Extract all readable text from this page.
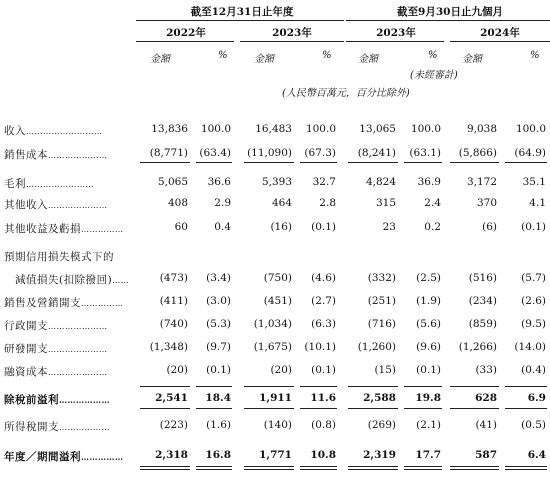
截至12月31日止年度	截至9月30日止九個月
2022年	2023年	2023年	2024年
金額	%	金額	%	金額	% 金額	%
(未經審計)
(人民幣百萬元，百分比除外)
收入………………………	13,836	100.0	16,483	100.0	13,065	100.0	9,038	100.0
銷售成本…………………	(8,771)	(63.4)	(11,090)	(67.3)	(8,241)	(63.1)	(5,866)	(64.9)
毛利……………………	5,065	36.6	5,393	32.7	4,824	36.9	3,172	35.1
其他收入…………………	408	2.9	464	2.8	315	2.4	370	4.1
其他收益及虧損……………	60	0.4	(16)	(0.1)	23	0.2	(6)	(0.1)
預期信用損失模式下的
　減值損失(扣除撥回)……	(473)	(3.4)	(750)	(4.6)	(332)	(2.5)	(516)	(5.7)
銷售及營銷開支……………	(411)	(3.0)	(451)	(2.7)	(251)	(1.9)	(234)	(2.6)
行政開支…………………	(740)	(5.3)	(1,034)	(6.3)	(716)	(5.6)	(859)	(9.5)
研發開支…………………	(1,348)	(9.7)	(1,675)	(10.1)	(1,260)	(9.6)	(1,266)	(14.0)
融資成本…………………	(20)	(0.1)	(20)	(0.1)	(15)	(0.1)	(33)	(0.4)
除稅前溢利………………	2,541	18.4	1,911	11.6	2,588	19.8	628	6.9
所得稅開支………………	(223)	(1.6)	(140)	(0.8)	(269)	(2.1)	(41)	(0.5)
年度／期間溢利……………	2,318	16.8	1,771	10.8	2,319	17.7	587	6.4
